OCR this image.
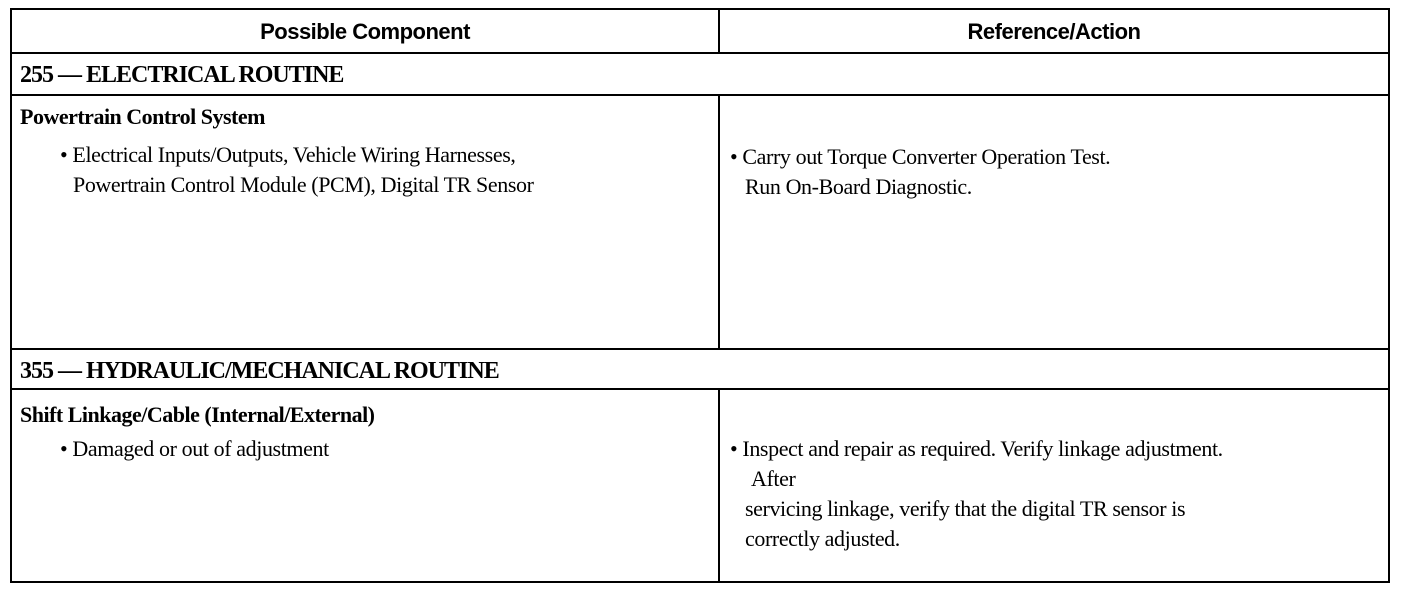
Possible Component	Reference/Action
255 — ELECTRICAL ROUTINE
Powertrain Control System
• Electrical Inputs/Outputs, Vehicle Wiring Harnesses,
Powertrain Control Module (PCM), Digital TR Sensor
• Carry out Torque Converter Operation Test.
Run On-Board Diagnostic.
355 — HYDRAULIC/MECHANICAL ROUTINE
Shift Linkage/Cable (Internal/External)
• Damaged or out of adjustment	• Inspect and repair as required. Verify linkage adjustment.
After
servicing linkage, verify that the digital TR sensor is
correctly adjusted.
